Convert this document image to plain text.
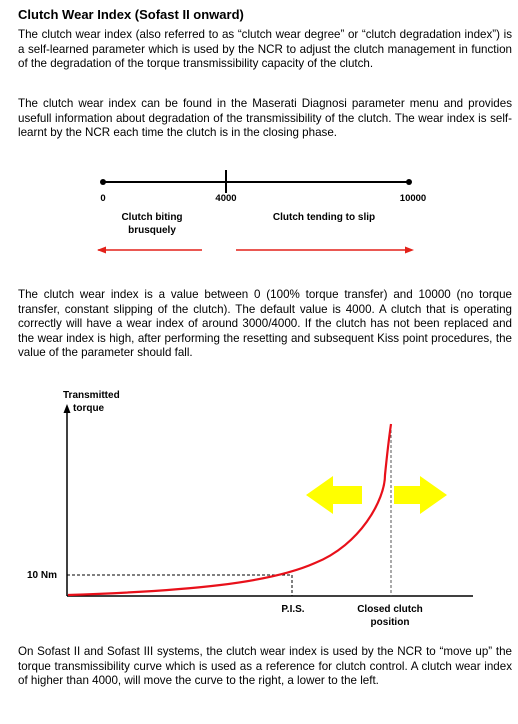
Clutch Wear Index (Sofast II onward)

The clutch wear index (also referred to as “clutch wear degree” or “clutch degradation index”) is a self-learned parameter which is used by the NCR to adjust the clutch management in function of the degradation of the torque transmissibility capacity of the clutch.

The clutch wear index can be found in the Maserati Diagnosi parameter menu and provides usefull information about degradation of the transmissibility of the clutch. The wear index is self-learnt by the NCR each time the clutch is in the closing phase.

0	4000	10000
Clutch biting
brusquely
Clutch tending to slip

The clutch wear index is a value between 0 (100% torque transfer) and 10000 (no torque transfer, constant slipping of the clutch). The default value is 4000. A clutch that is operating correctly will have a wear index of around 3000/4000. If the clutch has not been replaced and the wear index is high, after performing the resetting and subsequent Kiss point procedures, the value of the parameter should fall.

Transmitted
torque
10 Nm
P.I.S.	Closed clutch
position

On Sofast II and Sofast III systems, the clutch wear index is used by the NCR to “move up” the torque transmissibility curve which is used as a reference for clutch control. A clutch wear index of higher than 4000, will move the curve to the right, a lower to the left.
